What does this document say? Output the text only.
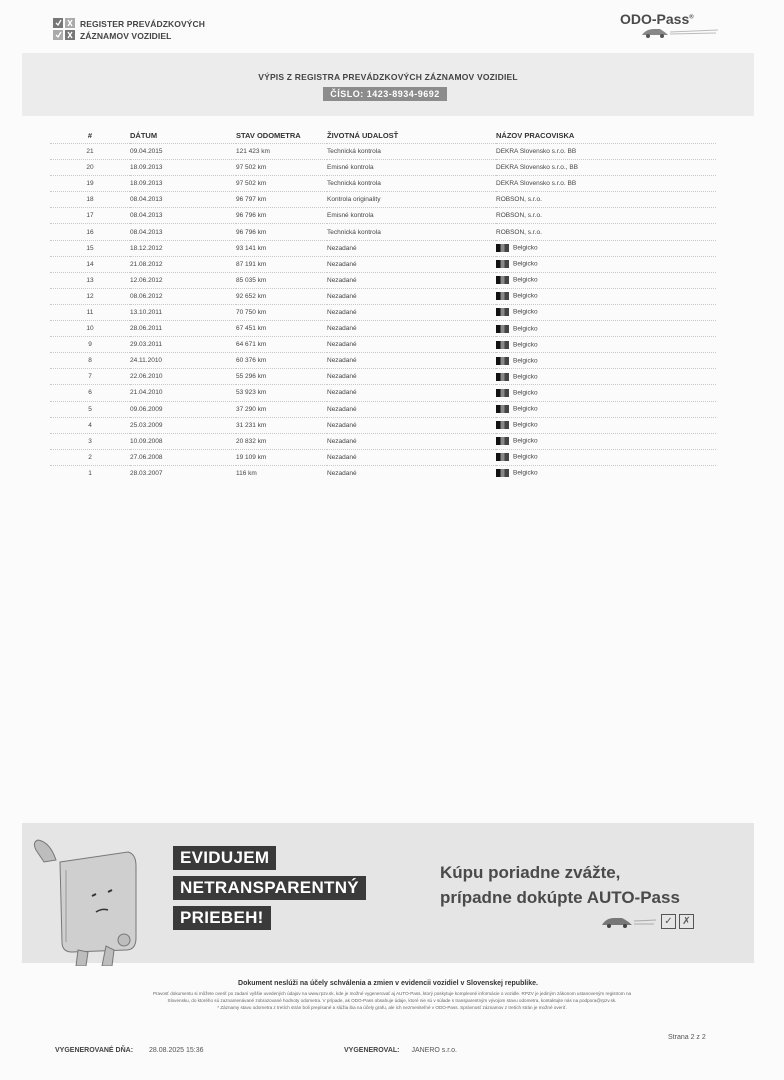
REGISTER PREVÁDZKOVÝCH
ZÁZNAMOV VOZIDIEL
ODO-Pass®
VÝPIS Z REGISTRA PREVÁDZKOVÝCH ZÁZNAMOV VOZIDIEL
ČÍSLO: 1423-8934-9692
#	DÁTUM	STAV ODOMETRA	ŽIVOTNÁ UDALOSŤ	NÁZOV PRACOVISKA
21	09.04.2015	121 423 km	Technická kontrola	DEKRA Slovensko s.r.o. BB
20	18.09.2013	97 502 km	Emisné kontrola	DEKRA Slovensko s.r.o., BB
19	18.09.2013	97 502 km	Technická kontrola	DEKRA Slovensko s.r.o. BB
18	08.04.2013	96 797 km	Kontrola originality	ROBSON, s.r.o.
17	08.04.2013	96 796 km	Emisné kontrola	ROBSON, s.r.o.
16	08.04.2013	96 796 km	Technická kontrola	ROBSON, s.r.o.
15	18.12.2012	93 141 km	Nezadané	Belgicko
14	21.08.2012	87 191 km	Nezadané	Belgicko
13	12.06.2012	85 035 km	Nezadané	Belgicko
12	08.06.2012	92 652 km	Nezadané	Belgicko
11	13.10.2011	70 750 km	Nezadané	Belgicko
10	28.06.2011	67 451 km	Nezadané	Belgicko
9	29.03.2011	64 671 km	Nezadané	Belgicko
8	24.11.2010	60 376 km	Nezadané	Belgicko
7	22.06.2010	55 296 km	Nezadané	Belgicko
6	21.04.2010	53 923 km	Nezadané	Belgicko
5	09.06.2009	37 290 km	Nezadané	Belgicko
4	25.03.2009	31 231 km	Nezadané	Belgicko
3	10.09.2008	20 832 km	Nezadané	Belgicko
2	27.06.2008	19 109 km	Nezadané	Belgicko
1	28.03.2007	116 km	Nezadané	Belgicko
EVIDUJEM
NETRANSPARENTNÝ
PRIEBEH!
Kúpu poriadne zvážte,
prípadne dokúpte AUTO-Pass
✓ ✗
Dokument neslúži na účely schválenia a zmien v evidencii vozidiel v Slovenskej republike.
Pravosť dokumentu si môžete overiť po zadaní vyššie uvedených údajov na www.rpzv.sk, kde je možné vygenerovať aj AUTO-Pass, ktorý poskytuje komplexné informácie o vozidle. RPZV je jediným zákonom ustanoveným registrom na
Slovensku, do ktorého sú zaznamenávané zobrazované hodnoty odometra. V prípade, ak ODO-Pass obsahuje údaje, ktoré nie sú v súlade s transparentným vývojom stavu odometra, kontaktujte nás na podpora@rpzv.sk.
* Záznamy stavu odometra z tretích strán boli prepísané a slúžia iba na účely grafu, ale ich nezmeniteľné v ODO-Pass. Správnosť záznamov z tretích strán je možné overiť.
Strana 2 z 2
VYGENEROVANÉ DŇA: 28.08.2025 15:36	VYGENEROVAL: JANERO s.r.o.
